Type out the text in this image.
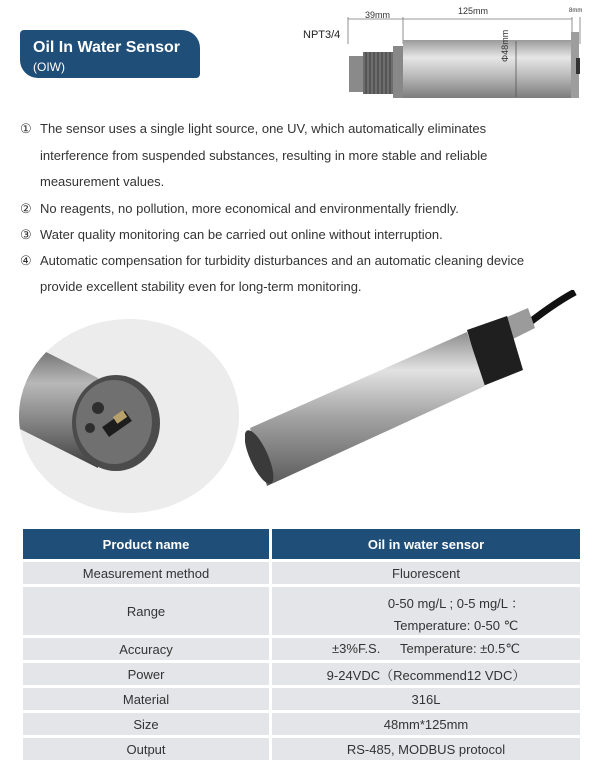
Oil In Water Sensor
(OIW)
NPT3/4
39mm	125mm	8mm
Φ48mm
① The sensor uses a single light source, one UV, which automatically eliminates interference from suspended substances, resulting in more stable and reliable measurement values.
② No reagents, no pollution, more economical and environmentally friendly.
③ Water quality monitoring can be carried out online without interruption.
④ Automatic compensation for turbidity disturbances and an automatic cleaning device provide excellent stability even for long-term monitoring.
Product name	Oil in water sensor
Measurement method	Fluorescent
Range	0-50 mg/L ; 0-5 mg/L ：
Temperature: 0-50 ℃

Accuracy	±3%F.S. Temperature: ±0.5℃
Power	9-24VDC（Recommend12 VDC）
Material	316L
Size	48mm*125mm
Output	RS-485, MODBUS protocol
